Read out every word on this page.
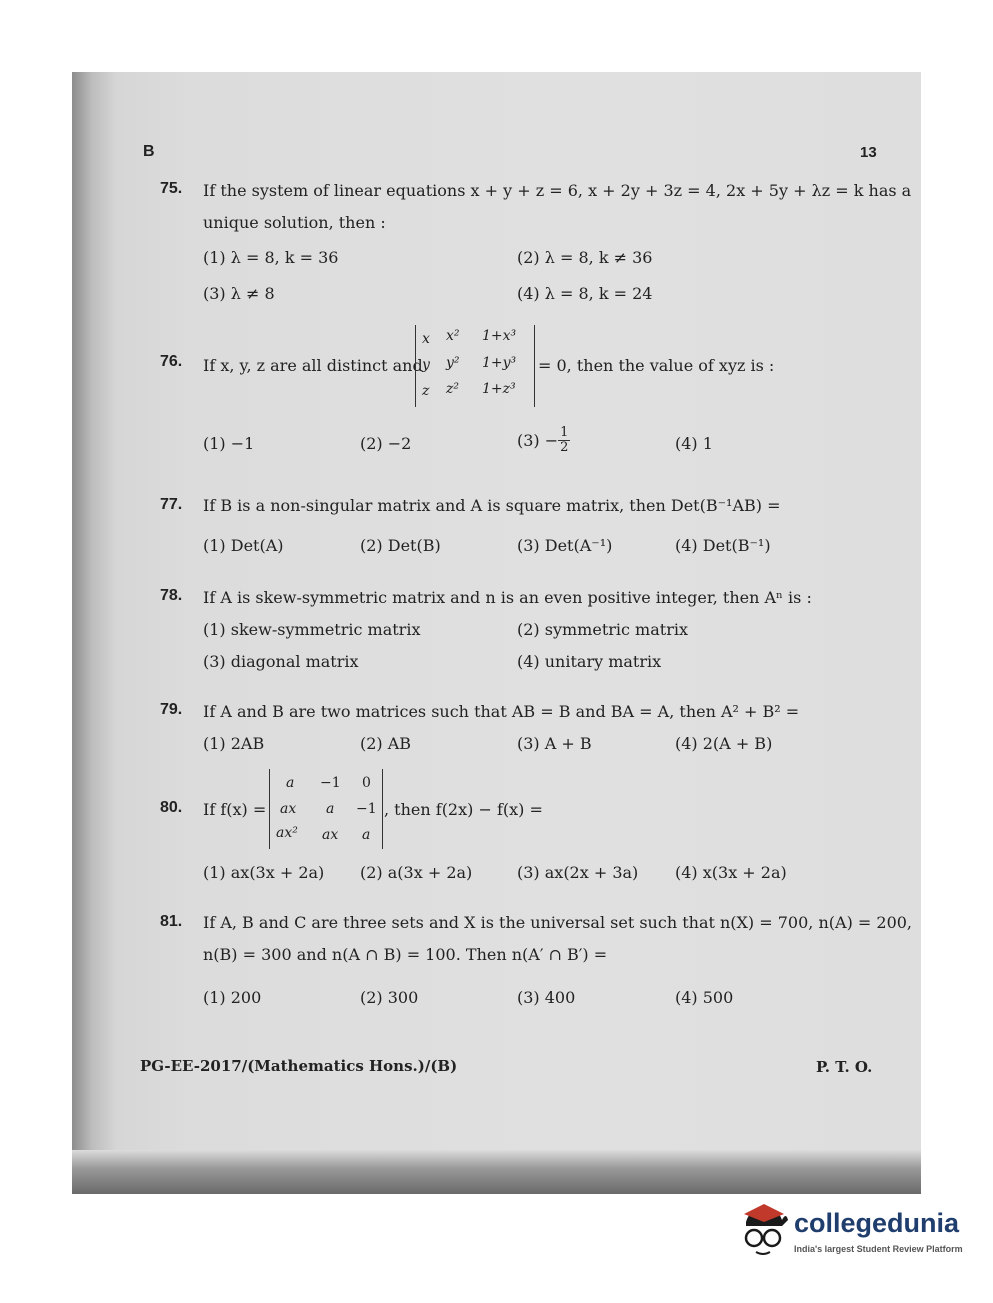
B	13
75. If the system of linear equations x + y + z = 6, x + 2y + 3z = 4, 2x + 5y + λz = k has a
unique solution, then :
(1) λ = 8, k = 36	(2) λ = 8, k ≠ 36
(3) λ ≠ 8	(4) λ = 8, k = 24
76. If x, y, z are all distinct and
x x² 1+x³
y y² 1+y³
z z² 1+z³
= 0, then the value of xyz is :
(1) −1	(2) −2	$(3) - \frac{1}{2}$	(4) 1
77. If B is a non-singular matrix and A is square matrix, then Det(B⁻¹AB) =
(1) Det(A)	(2) Det(B)	(3) Det(A⁻¹)	(4) Det(B⁻¹)
78. If A is skew-symmetric matrix and n is an even positive integer, then Aⁿ is :
(1) skew-symmetric matrix	(2) symmetric matrix
(3) diagonal matrix	(4) unitary matrix
79. If A and B are two matrices such that AB = B and BA = A, then A² + B² =
(1) 2AB	(2) AB	(3) A + B	(4) 2(A + B)
80. If f(x) =
a −1 0
ax a −1
ax² ax a
, then f(2x) − f(x) =
(1) ax(3x + 2a) (2) a(3x + 2a)	(3) ax(2x + 3a) (4) x(3x + 2a)
81. If A, B and C are three sets and X is the universal set such that n(X) = 700, n(A) = 200,
n(B) = 300 and n(A ∩ B) = 100. Then n(A′ ∩ B′) =
(1) 200	(2) 300	(3) 400	(4) 500
PG-EE-2017/(Mathematics Hons.)/(B)	P. T. O.
collegedunia
India's largest Student Review Platform
